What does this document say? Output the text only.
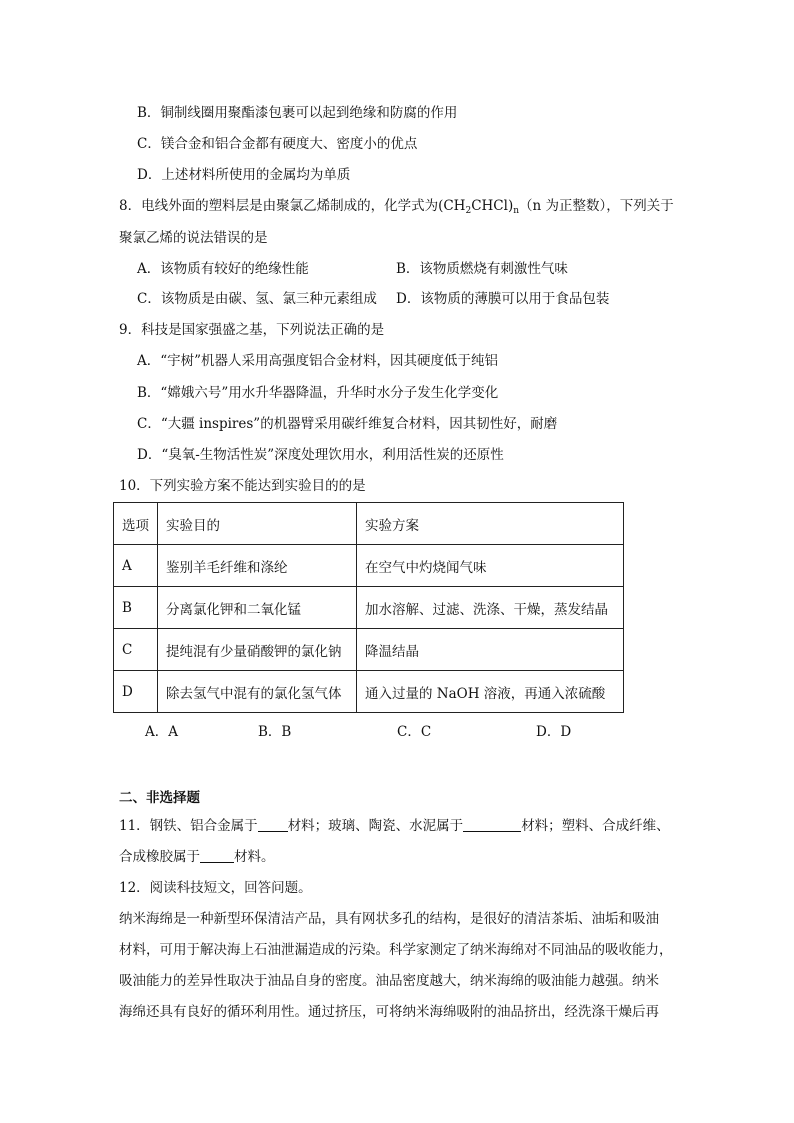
B．铜制线圈用聚酯漆包裹可以起到绝缘和防腐的作用
C．镁合金和铝合金都有硬度大、密度小的优点
D．上述材料所使用的金属均为单质
8．电线外面的塑料层是由聚氯乙烯制成的，化学式为$(CH_2CHCl)_n(n$ 为正整数），下列关于
聚氯乙烯的说法错误的是
A．该物质有较好的绝缘性能	B．该物质燃烧有刺激性气味
C．该物质是由碳、氢、氯三种元素组成 D．该物质的薄膜可以用于食品包装
9．科技是国家强盛之基，下列说法正确的是
A．“宇树”机器人采用高强度铝合金材料，因其硬度低于纯铝
B．“嫦娥六号”用水升华器降温，升华时水分子发生化学变化
C．“大疆 inspires”的机器臂采用碳纤维复合材料，因其韧性好，耐磨
D．“臭氧-生物活性炭”深度处理饮用水，利用活性炭的还原性
10．下列实验方案不能达到实验目的的是
选项	实验目的	实验方案
A	鉴别羊毛纤维和涤纶	在空气中灼烧闻气味
B	分离氯化钾和二氧化锰	加水溶解、过滤、洗涤、干燥，蒸发结晶
C	提纯混有少量硝酸钾的氯化钠	降温结晶
D	除去氢气中混有的氯化氢气体	通入过量的 NaOH 溶液，再通入浓硫酸
A．A	B．B	C．C	D．D
二、非选择题
11．钢铁、铝合金属于 材料；玻璃、陶瓷、水泥属于	材料；塑料、合成纤维、
合成橡胶属于	材料。
12．阅读科技短文，回答问题。
纳米海绵是一种新型环保清洁产品，具有网状多孔的结构，是很好的清洁茶垢、油垢和吸油
材料，可用于解决海上石油泄漏造成的污染。科学家测定了纳米海绵对不同油品的吸收能力，
吸油能力的差异性取决于油品自身的密度。油品密度越大，纳米海绵的吸油能力越强。纳米
海绵还具有良好的循环利用性。通过挤压，可将纳米海绵吸附的油品挤出，经洗涤干燥后再
